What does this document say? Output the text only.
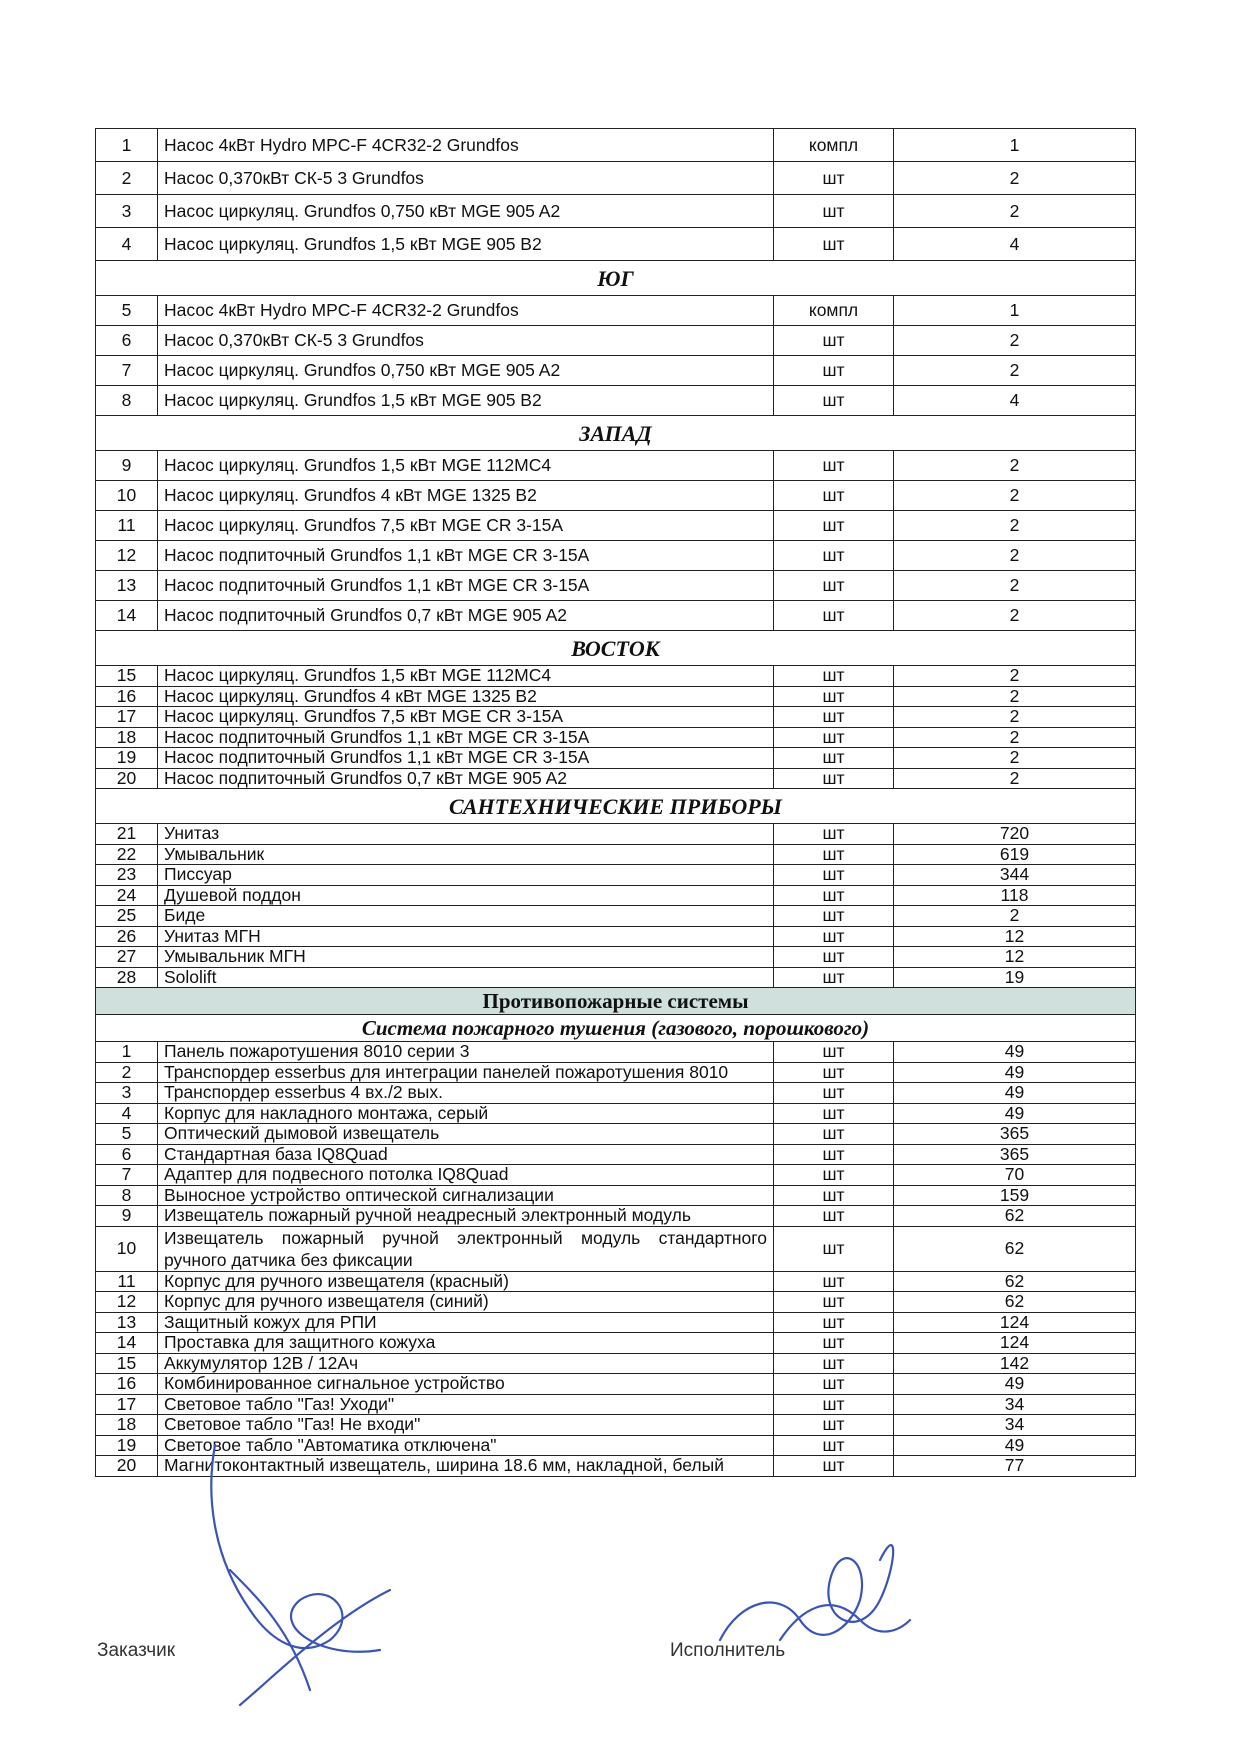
1	Насос 4кВт Hydro MPC-F 4CR32-2 Grundfos	компл	1
2	Насос 0,370кВт СК-5 3 Grundfos	шт	2
3	Насос циркуляц. Grundfos 0,750 кВт MGE 905 A2	шт	2
4	Насос циркуляц. Grundfos 1,5 кВт MGE 905 B2	шт	4
ЮГ			
5	Насос 4кВт Hydro MPC-F 4CR32-2 Grundfos	компл	1
6	Насос 0,370кВт СК-5 3 Grundfos	шт	2
7	Насос циркуляц. Grundfos 0,750 кВт MGE 905 A2	шт	2
8	Насос циркуляц. Grundfos 1,5 кВт MGE 905 B2	шт	4
ЗАПАД			
9	Насос циркуляц. Grundfos 1,5 кВт MGE 112MC4	шт	2
10	Насос циркуляц. Grundfos 4 кВт MGE 1325 B2	шт	2
11	Насос циркуляц. Grundfos 7,5 кВт MGE CR 3-15A	шт	2
12	Насос подпиточный Grundfos 1,1 кВт MGE CR 3-15A	шт	2
13	Насос подпиточный Grundfos 1,1 кВт MGE CR 3-15A	шт	2
14	Насос подпиточный Grundfos 0,7 кВт MGE 905 A2	шт	2
ВОСТОК			
15	Насос циркуляц. Grundfos 1,5 кВт MGE 112MC4	шт	2
16	Насос циркуляц. Grundfos 4 кВт MGE 1325 B2	шт	2
17	Насос циркуляц. Grundfos 7,5 кВт MGE CR 3-15A	шт	2
18	Насос подпиточный Grundfos 1,1 кВт MGE CR 3-15A	шт	2
19	Насос подпиточный Grundfos 1,1 кВт MGE CR 3-15A	шт	2
20	Насос подпиточный Grundfos 0,7 кВт MGE 905 A2	шт	2
САНТЕХНИЧЕСКИЕ ПРИБОРЫ			
21	Унитаз	шт	720
22	Умывальник	шт	619
23	Писсуар	шт	344
24	Душевой поддон	шт	118
25	Биде	шт	2
26	Унитаз МГН	шт	12
27	Умывальник МГН	шт	12
28	Sololift	шт	19
Противопожарные системы			
Система пожарного тушения (газового, порошкового)			
1	Панель пожаротушения 8010 серии 3	шт	49
2	Транспордер esserbus для интеграции панелей пожаротушения 8010	шт	49
3	Транспордер esserbus 4 вх./2 вых.	шт	49
4	Корпус для накладного монтажа, серый	шт	49
5	Оптический дымовой извещатель	шт	365
6	Стандартная база IQ8Quad	шт	365
7	Адаптер для подвесного потолка IQ8Quad	шт	70
8	Выносное устройство оптической сигнализации	шт	159
9	Извещатель пожарный ручной неадресный электронный модуль	шт	62
10	Извещатель пожарный ручной электронный модуль стандартного ручного датчика без фиксации	шт	62
11	Корпус для ручного извещателя (красный)	шт	62
12	Корпус для ручного извещателя (синий)	шт	62
13	Защитный кожух для РПИ	шт	124
14	Проставка для защитного кожуха	шт	124
15	Аккумулятор 12В / 12Ач	шт	142
16	Комбинированное сигнальное устройство	шт	49
17	Световое табло "Газ! Уходи"	шт	34
18	Световое табло "Газ! Не входи"	шт	34
19	Световое табло "Автоматика отключена"	шт	49
20	Магнитоконтактный извещатель, ширина 18.6 мм, накладной, белый	шт	77
Заказчик	Исполнитель
